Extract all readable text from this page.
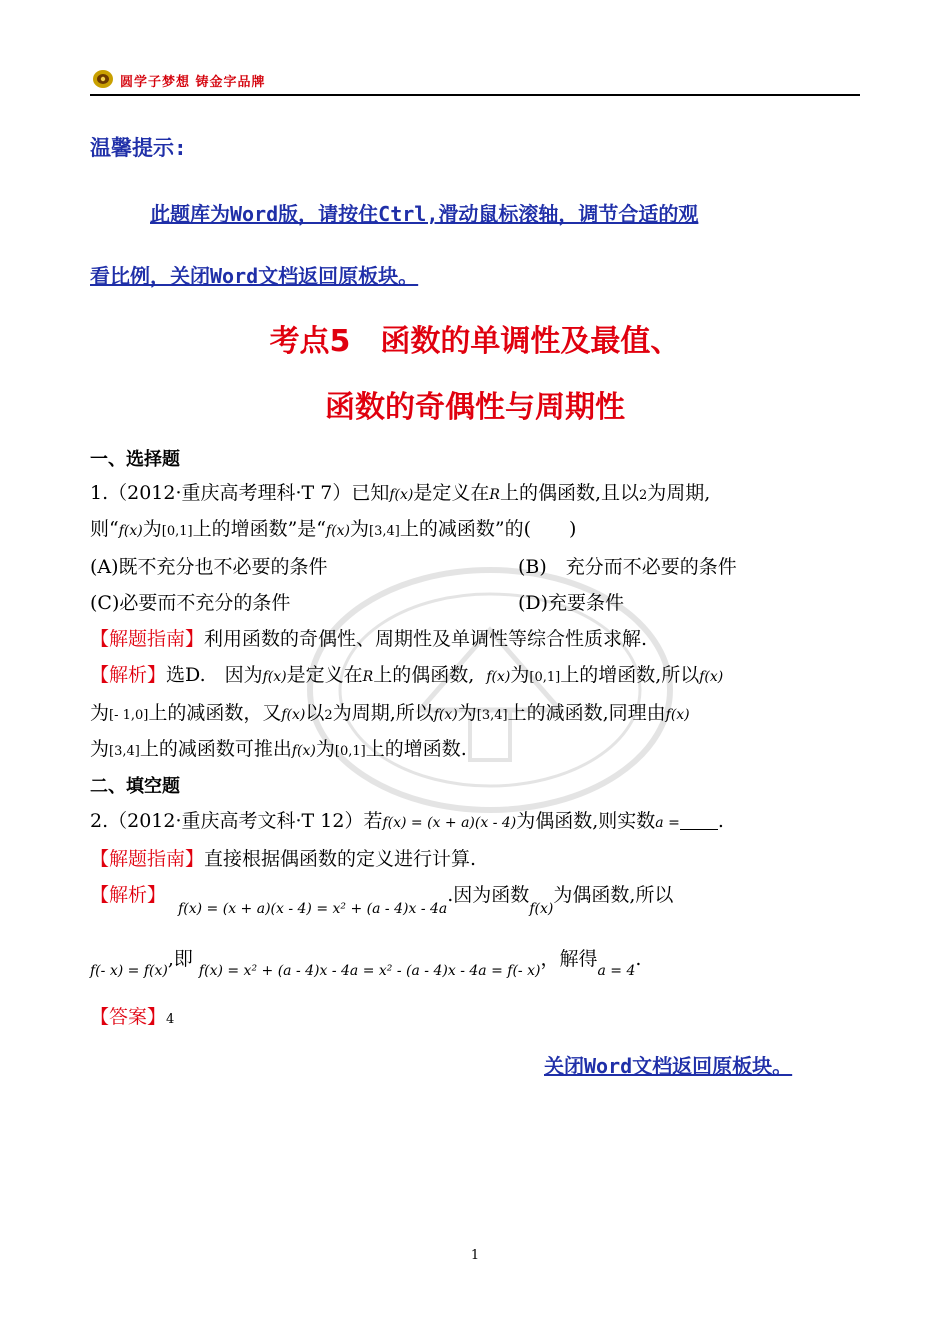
圆学子梦想 铸金字品牌
温馨提示:
此题库为Word版，请按住Ctrl,滑动鼠标滚轴，调节合适的观
看比例，关闭Word文档返回原板块。
考点5　函数的单调性及最值、
函数的奇偶性与周期性
一、选择题
1.（2012·重庆高考理科·T 7）已知f(x)是定义在R上的偶函数,且以2为周期,
则“f(x)为[0,1]上的增函数”是“f(x)为[3,4]上的减函数”的(　　)
(A)既不充分也不必要的条件	(B)　充分而不必要的条件
(C)必要而不充分的条件	(D)充要条件
【解题指南】利用函数的奇偶性、周期性及单调性等综合性质求解.
【解析】选D.　因为f(x)是定义在R上的偶函数, f(x)为[0,1]上的增函数,所以f(x)
为[- 1,0]上的减函数，又f(x)以2为周期,所以f(x)为[3,4]上的减函数,同理由f(x)
为[3,4]上的减函数可推出f(x)为[0,1]上的增函数.
二、填空题
2.（2012·重庆高考文科·T 12）若f(x) = (x + a)(x - 4)为偶函数,则实数a = .
【解题指南】直接根据偶函数的定义进行计算.
【解析】  $_{f(x) = (x + a)(x - 4) = x^2 + (a - 4)x - 4a}$.因为函数$_{f(x)}$为偶函数,所以
$_{f(- x) = f(x)}$,即 $_{f(x) = x^2 + (a - 4)x - 4a = x^2 - (a - 4)x - 4a = f(- x)}$，解得$_{a = 4}$.
【答案】4
关闭Word文档返回原板块。
1
